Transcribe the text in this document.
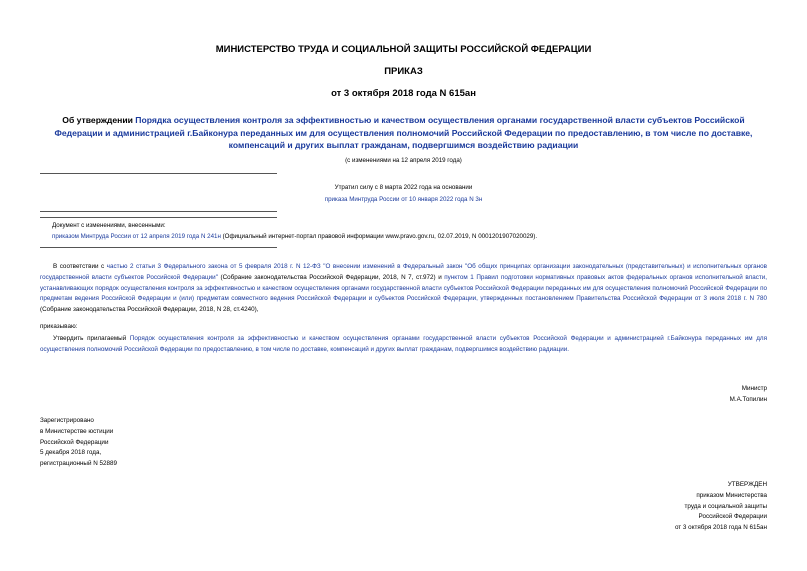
МИНИСТЕРСТВО ТРУДА И СОЦИАЛЬНОЙ ЗАЩИТЫ РОССИЙСКОЙ ФЕДЕРАЦИИ
ПРИКАЗ
от 3 октября 2018 года N 615ан
Об утверждении Порядка осуществления контроля за эффективностью и качеством осуществления органами государственной власти субъектов Российской Федерации и администрацией г.Байконура переданных им для осуществления полномочий Российской Федерации по предоставлению, в том числе по доставке, компенсаций и других выплат гражданам, подвергшимся воздействию радиации
(с изменениями на 12 апреля 2019 года)
Утратил силу с 8 марта 2022 года на основании
приказа Минтруда России от 10 января 2022 года N 3н
Документ с изменениями, внесенными:
приказом Минтруда России от 12 апреля 2019 года N 241н (Официальный интернет-портал правовой информации www.pravo.gov.ru, 02.07.2019, N 0001201907020029).
В соответствии с частью 2 статьи 3 Федерального закона от 5 февраля 2018 г. N 12-ФЗ "О внесении изменений в Федеральный закон "Об общих принципах организации законодательных (представительных) и исполнительных органов государственной власти субъектов Российской Федерации" (Собрание законодательства Российской Федерации, 2018, N 7, ст.972) и пунктом 1 Правил подготовки нормативных правовых актов федеральных органов исполнительной власти, устанавливающих порядок осуществления контроля за эффективностью и качеством осуществления органами государственной власти субъектов Российской Федерации переданных им для осуществления полномочий Российской Федерации по предметам ведения Российской Федерации и (или) предметам совместного ведения Российской Федерации и субъектов Российской Федерации, утвержденных постановлением Правительства Российской Федерации от 3 июля 2018 г. N 780 (Собрание законодательства Российской Федерации, 2018, N 28, ст.4240),
приказываю:
Утвердить прилагаемый Порядок осуществления контроля за эффективностью и качеством осуществления органами государственной власти субъектов Российской Федерации и администрацией г.Байконура переданных им для осуществления полномочий Российской Федерации по предоставлению, в том числе по доставке, компенсаций и других выплат гражданам, подвергшимся воздействию радиации.
Министр
М.А.Топилин
Зарегистрировано
в Министерстве юстиции
Российской Федерации
5 декабря 2018 года,
регистрационный N 52889
УТВЕРЖДЕН
приказом Министерства
труда и социальной защиты
Российской Федерации
от 3 октября 2018 года N 615ан
